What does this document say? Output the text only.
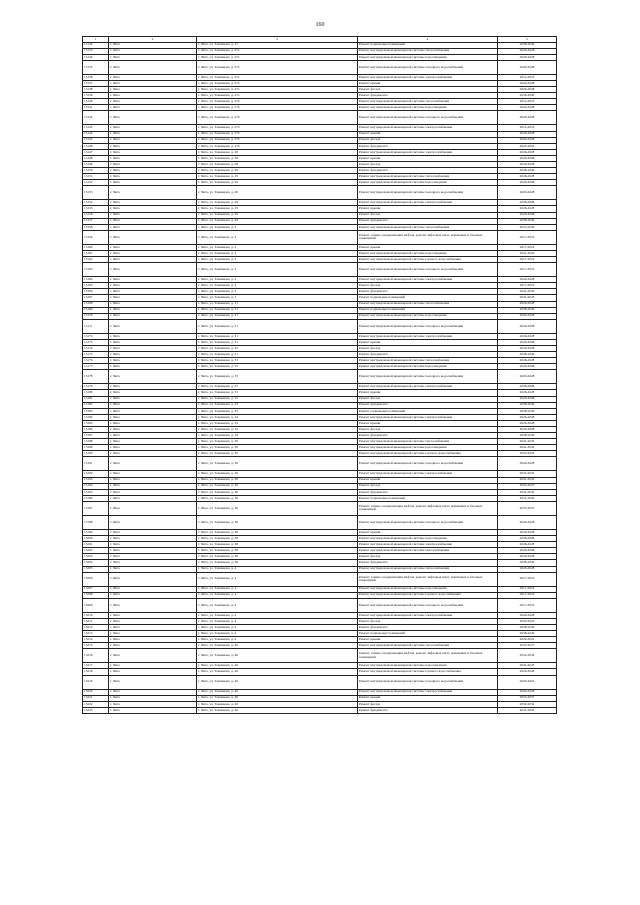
160
1	2	3	4	5
15132	г. Чита	г. Чита, ул. Токмакова, д. 27	Ремонт подвальных помещений	2038-2040
15133	г. Чита	г. Чита, ул. Токмакова, д. 27а	Ремонт внутридомовой инженерной системы теплоснабжения	2026-2028
15134	г. Чита	г. Чита, ул. Токмакова, д. 27а	Ремонт внутридомовой инженерной системы водоотведения	2026-2028
15135	г. Чита	г. Чита, ул. Токмакова, д. 27а	Ремонт внутридомовой инженерной системы холодного водоснабжения	2026-2028
15136	г. Чита	г. Чита, ул. Токмакова, д. 27а	Ремонт внутридомовой инженерной системы электроснабжения	2014-2016
15137	г. Чита	г. Чита, ул. Токмакова, д. 27а	Ремонт крыши	2026-2028
15138	г. Чита	г. Чита, ул. Токмакова, д. 27а	Ремонт фасада	2026-2028
15139	г. Чита	г. Чита, ул. Токмакова, д. 27а	Ремонт фундамента	2038-2040
15140	г. Чита	г. Чита, ул. Токмакова, д. 27б	Ремонт внутридомовой инженерной системы теплоснабжения	2014-2016
15141	г. Чита	г. Чита, ул. Токмакова, д. 27б	Ремонт внутридомовой инженерной системы водоотведения	2026-2028
15142	г. Чита	г. Чита, ул. Токмакова, д. 27б	Ремонт внутридомовой инженерной системы холодного водоснабжения	2026-2028
15143	г. Чита	г. Чита, ул. Токмакова, д. 27б	Ремонт внутридомовой инженерной системы электроснабжения	2014-2016
15144	г. Чита	г. Чита, ул. Токмакова, д. 27б	Ремонт крыши	2026-2028
15145	г. Чита	г. Чита, ул. Токмакова, д. 27б	Ремонт фасада	2026-2028
15146	г. Чита	г. Чита, ул. Токмакова, д. 27б	Ремонт фундамента	2020-2022
15147	г. Чита	г. Чита, ул. Токмакова, д. 28	Ремонт внутридомовой инженерной системы электроснабжения	2026-2028
15148	г. Чита	г. Чита, ул. Токмакова, д. 28	Ремонт крыши	2026-2028
15149	г. Чита	г. Чита, ул. Токмакова, д. 28	Ремонт фасада	2026-2028
15150	г. Чита	г. Чита, ул. Токмакова, д. 28	Ремонт фундамента	2038-2040
15151	г. Чита	г. Чита, ул. Токмакова, д. 29	Ремонт внутридомовой инженерной системы теплоснабжения	2026-2028
15152	г. Чита	г. Чита, ул. Токмакова, д. 29	Ремонт внутридомовой инженерной системы водоотведения	2026-2028
15153	г. Чита	г. Чита, ул. Токмакова, д. 29	Ремонт внутридомовой инженерной системы холодного водоснабжения	2026-2028
15154	г. Чита	г. Чита, ул. Токмакова, д. 29	Ремонт внутридомовой инженерной системы электроснабжения	2026-2028
15155	г. Чита	г. Чита, ул. Токмакова, д. 29	Ремонт крыши	2026-2028
15156	г. Чита	г. Чита, ул. Токмакова, д. 29	Ремонт фасада	2026-2028
15157	г. Чита	г. Чита, ул. Токмакова, д. 29	Ремонт фундамента	2038-2040
15158	г. Чита	г. Чита, ул. Токмакова, д. 3	Ремонт внутридомовой инженерной системы теплоснабжения	2035-2040
15159	г. Чита	г. Чита, ул. Токмакова, д. 3	Ремонт, замена, модернизация лифтов, ремонт лифтовых шахт, машинных и блочных помещений	2017-2019
15160	г. Чита	г. Чита, ул. Токмакова, д. 3	Ремонт крыши	2017-2019
15161	г. Чита	г. Чита, ул. Токмакова, д. 3	Ремонт внутридомовой инженерной системы водоотведения	2041-2043
15162	г. Чита	г. Чита, ул. Токмакова, д. 3	Ремонт внутридомовой инженерной системы горячего водоснабжения	2017-2019
15163	г. Чита	г. Чита, ул. Токмакова, д. 3	Ремонт внутридомовой инженерной системы холодного водоснабжения	2017-2019
15164	г. Чита	г. Чита, ул. Токмакова, д. 3	Ремонт внутридомовой инженерной системы электроснабжения	2026-2028
15165	г. Чита	г. Чита, ул. Токмакова, д. 3	Ремонт фасада	2017-2019
15166	г. Чита	г. Чита, ул. Токмакова, д. 3	Ремонт фундамента	2041-2043
15167	г. Чита	г. Чита, ул. Токмакова, д. 3	Ремонт подвальных помещений	2041-2043
15168	г. Чита	г. Чита, ул. Токмакова, д. 31	Ремонт внутридомовой инженерной системы теплоснабжения	2026-2028
15169	г. Чита	г. Чита, ул. Токмакова, д. 31	Ремонт подвальных помещений	2038-2040
15170	г. Чита	г. Чита, ул. Токмакова, д. 31	Ремонт внутридомовой инженерной системы водоотведения	2026-2028
15171	г. Чита	г. Чита, ул. Токмакова, д. 31	Ремонт внутридомовой инженерной системы холодного водоснабжения	2026-2028
15172	г. Чита	г. Чита, ул. Токмакова, д. 31	Ремонт внутридомовой инженерной системы электроснабжения	2026-2028
15173	г. Чита	г. Чита, ул. Токмакова, д. 31	Ремонт крыши	2026-2028
15174	г. Чита	г. Чита, ул. Токмакова, д. 32	Ремонт фасада	2026-2028
15175	г. Чита	г. Чита, ул. Токмакова, д. 31	Ремонт фундамента	2038-2040
15176	г. Чита	г. Чита, ул. Токмакова, д. 33	Ремонт внутридомовой инженерной системы теплоснабжения	2026-2028
15177	г. Чита	г. Чита, ул. Токмакова, д. 33	Ремонт внутридомовой инженерной системы водоотведения	2026-2028
15178	г. Чита	г. Чита, ул. Токмакова, д. 33	Ремонт внутридомовой инженерной системы холодного водоснабжения	2026-2028
15179	г. Чита	г. Чита, ул. Токмакова, д. 33	Ремонт внутридомовой инженерной системы электроснабжения	2026-2028
15180	г. Чита	г. Чита, ул. Токмакова, д. 33	Ремонт крыши	2026-2028
15181	г. Чита	г. Чита, ул. Токмакова, д. 33	Ремонт фасада	2026-2028
15182	г. Чита	г. Чита, ул. Токмакова, д. 33	Ремонт фундамента	2038-2040
15183	г. Чита	г. Чита, ул. Токмакова, д. 33	Ремонт подвальных помещений	2038-2040
15184	г. Чита	г. Чита, ул. Токмакова, д. 34	Ремонт внутридомовой инженерной системы электроснабжения	2026-2028
15185	г. Чита	г. Чита, ул. Токмакова, д. 34	Ремонт крыши	2026-2028
15186	г. Чита	г. Чита, ул. Токмакова, д. 34	Ремонт фасада	2026-2028
15187	г. Чита	г. Чита, ул. Токмакова, д. 34	Ремонт фундамента	2038-2040
15188	г. Чита	г. Чита, ул. Токмакова, д. 36	Ремонт внутридомовой инженерной системы теплоснабжения	2041-2043
15189	г. Чита	г. Чита, ул. Токмакова, д. 36	Ремонт внутридомовой инженерной системы водоотведения	2041-2043
15190	г. Чита	г. Чита, ул. Токмакова, д. 36	Ремонт внутридомовой инженерной системы горячего водоснабжения	2032-2034
15191	г. Чита	г. Чита, ул. Токмакова, д. 36	Ремонт внутридомовой инженерной системы холодного водоснабжения	2026-2028
15192	г. Чита	г. Чита, ул. Токмакова, д. 36	Ремонт внутридомовой инженерной системы электроснабжения	2032-2034
15193	г. Чита	г. Чита, ул. Токмакова, д. 36	Ремонт крыши	2041-2043
15194	г. Чита	г. Чита, ул. Токмакова, д. 36	Ремонт фасада	2035-2037
15195	г. Чита	г. Чита, ул. Токмакова, д. 36	Ремонт фундамента	2041-2043
15196	г. Чита	г. Чита, ул. Токмакова, д. 36	Ремонт подвальных помещений	2041-2043
15197	г. Чита	г. Чита, ул. Токмакова, д. 36	Ремонт, замена, модернизация лифтов, ремонт лифтовых шахт, машинных и блочных помещений	2035-2037
15198	г. Чита	г. Чита, ул. Токмакова, д. 38	Ремонт внутридомовой инженерной системы холодного водоснабжения	2026-2028
15199	г. Чита	г. Чита, ул. Токмакова, д. 38	Ремонт крыши	2026-2028
15200	г. Чита	г. Чита, ул. Токмакова, д. 38	Ремонт внутридомовой инженерной системы водоотведения	2026-2028
15201	г. Чита	г. Чита, ул. Токмакова, д. 38	Ремонт внутридомовой инженерной системы электроснабжения	2026-2028
15202	г. Чита	г. Чита, ул. Токмакова, д. 38	Ремонт внутридомовой инженерной системы теплоснабжения	2026-2028
15203	г. Чита	г. Чита, ул. Токмакова, д. 38	Ремонт фасада	2026-2028
15204	г. Чита	г. Чита, ул. Токмакова, д. 38	Ремонт фундамента	2038-2040
15205	г. Чита	г. Чита, ул. Токмакова, д. 4	Ремонт внутридомовой инженерной системы теплоснабжения	2026-2028
15206	г. Чита	г. Чита, ул. Токмакова, д. 4	Ремонт, замена, модернизация лифтов, ремонт лифтовых шахт, машинных и блочных помещений	2017-2019
15207	г. Чита	г. Чита, ул. Токмакова, д. 4	Ремонт внутридомовой инженерной системы водоотведения	2017-2019
15208	г. Чита	г. Чита, ул. Токмакова, д. 4	Ремонт внутридомовой инженерной системы горячего водоснабжения	2017-2019
15209	г. Чита	г. Чита, ул. Токмакова, д. 4	Ремонт внутридомовой инженерной системы холодного водоснабжения	2017-2019
15210	г. Чита	г. Чита, ул. Токмакова, д. 4	Ремонт внутридомовой инженерной системы электроснабжения	2026-2028
15211	г. Чита	г. Чита, ул. Токмакова, д. 4	Ремонт фасада	2020-2022
15212	г. Чита	г. Чита, ул. Токмакова, д. 4	Ремонт фундамента	2038-2040
15213	г. Чита	г. Чита, ул. Токмакова, д. 4	Ремонт подвальных помещений	2038-2040
15214	г. Чита	г. Чита, ул. Токмакова, д. 4	Ремонт крыши	2020-2022
15215	г. Чита	г. Чита, ул. Токмакова, д. 46	Ремонт внутридомовой инженерной системы теплоснабжения	2035-2037
15216	г. Чита	г. Чита, ул. Токмакова, д. 46	Ремонт, замена, модернизация лифтов, ремонт лифтовых шахт, машинных и блочных помещений	2032-2034
15217	г. Чита	г. Чита, ул. Токмакова, д. 46	Ремонт внутридомовой инженерной системы водоотведения	2041-2043
15218	г. Чита	г. Чита, ул. Токмакова, д. 46	Ремонт внутридомовой инженерной системы горячего водоснабжения	2026-2028
15219	г. Чита	г. Чита, ул. Токмакова, д. 46	Ремонт внутридомовой инженерной системы холодного водоснабжения	2020-2022
15220	г. Чита	г. Чита, ул. Токмакова, д. 46	Ремонт внутридомовой инженерной системы электроснабжения	2026-2028
15221	г. Чита	г. Чита, ул. Токмакова, д. 46	Ремонт крыши	2035-2037
15222	г. Чита	г. Чита, ул. Токмакова, д. 46	Ремонт фасада	2032-2034
15223	г. Чита	г. Чита, ул. Токмакова, д. 46	Ремонт фундамента	2041-2043
